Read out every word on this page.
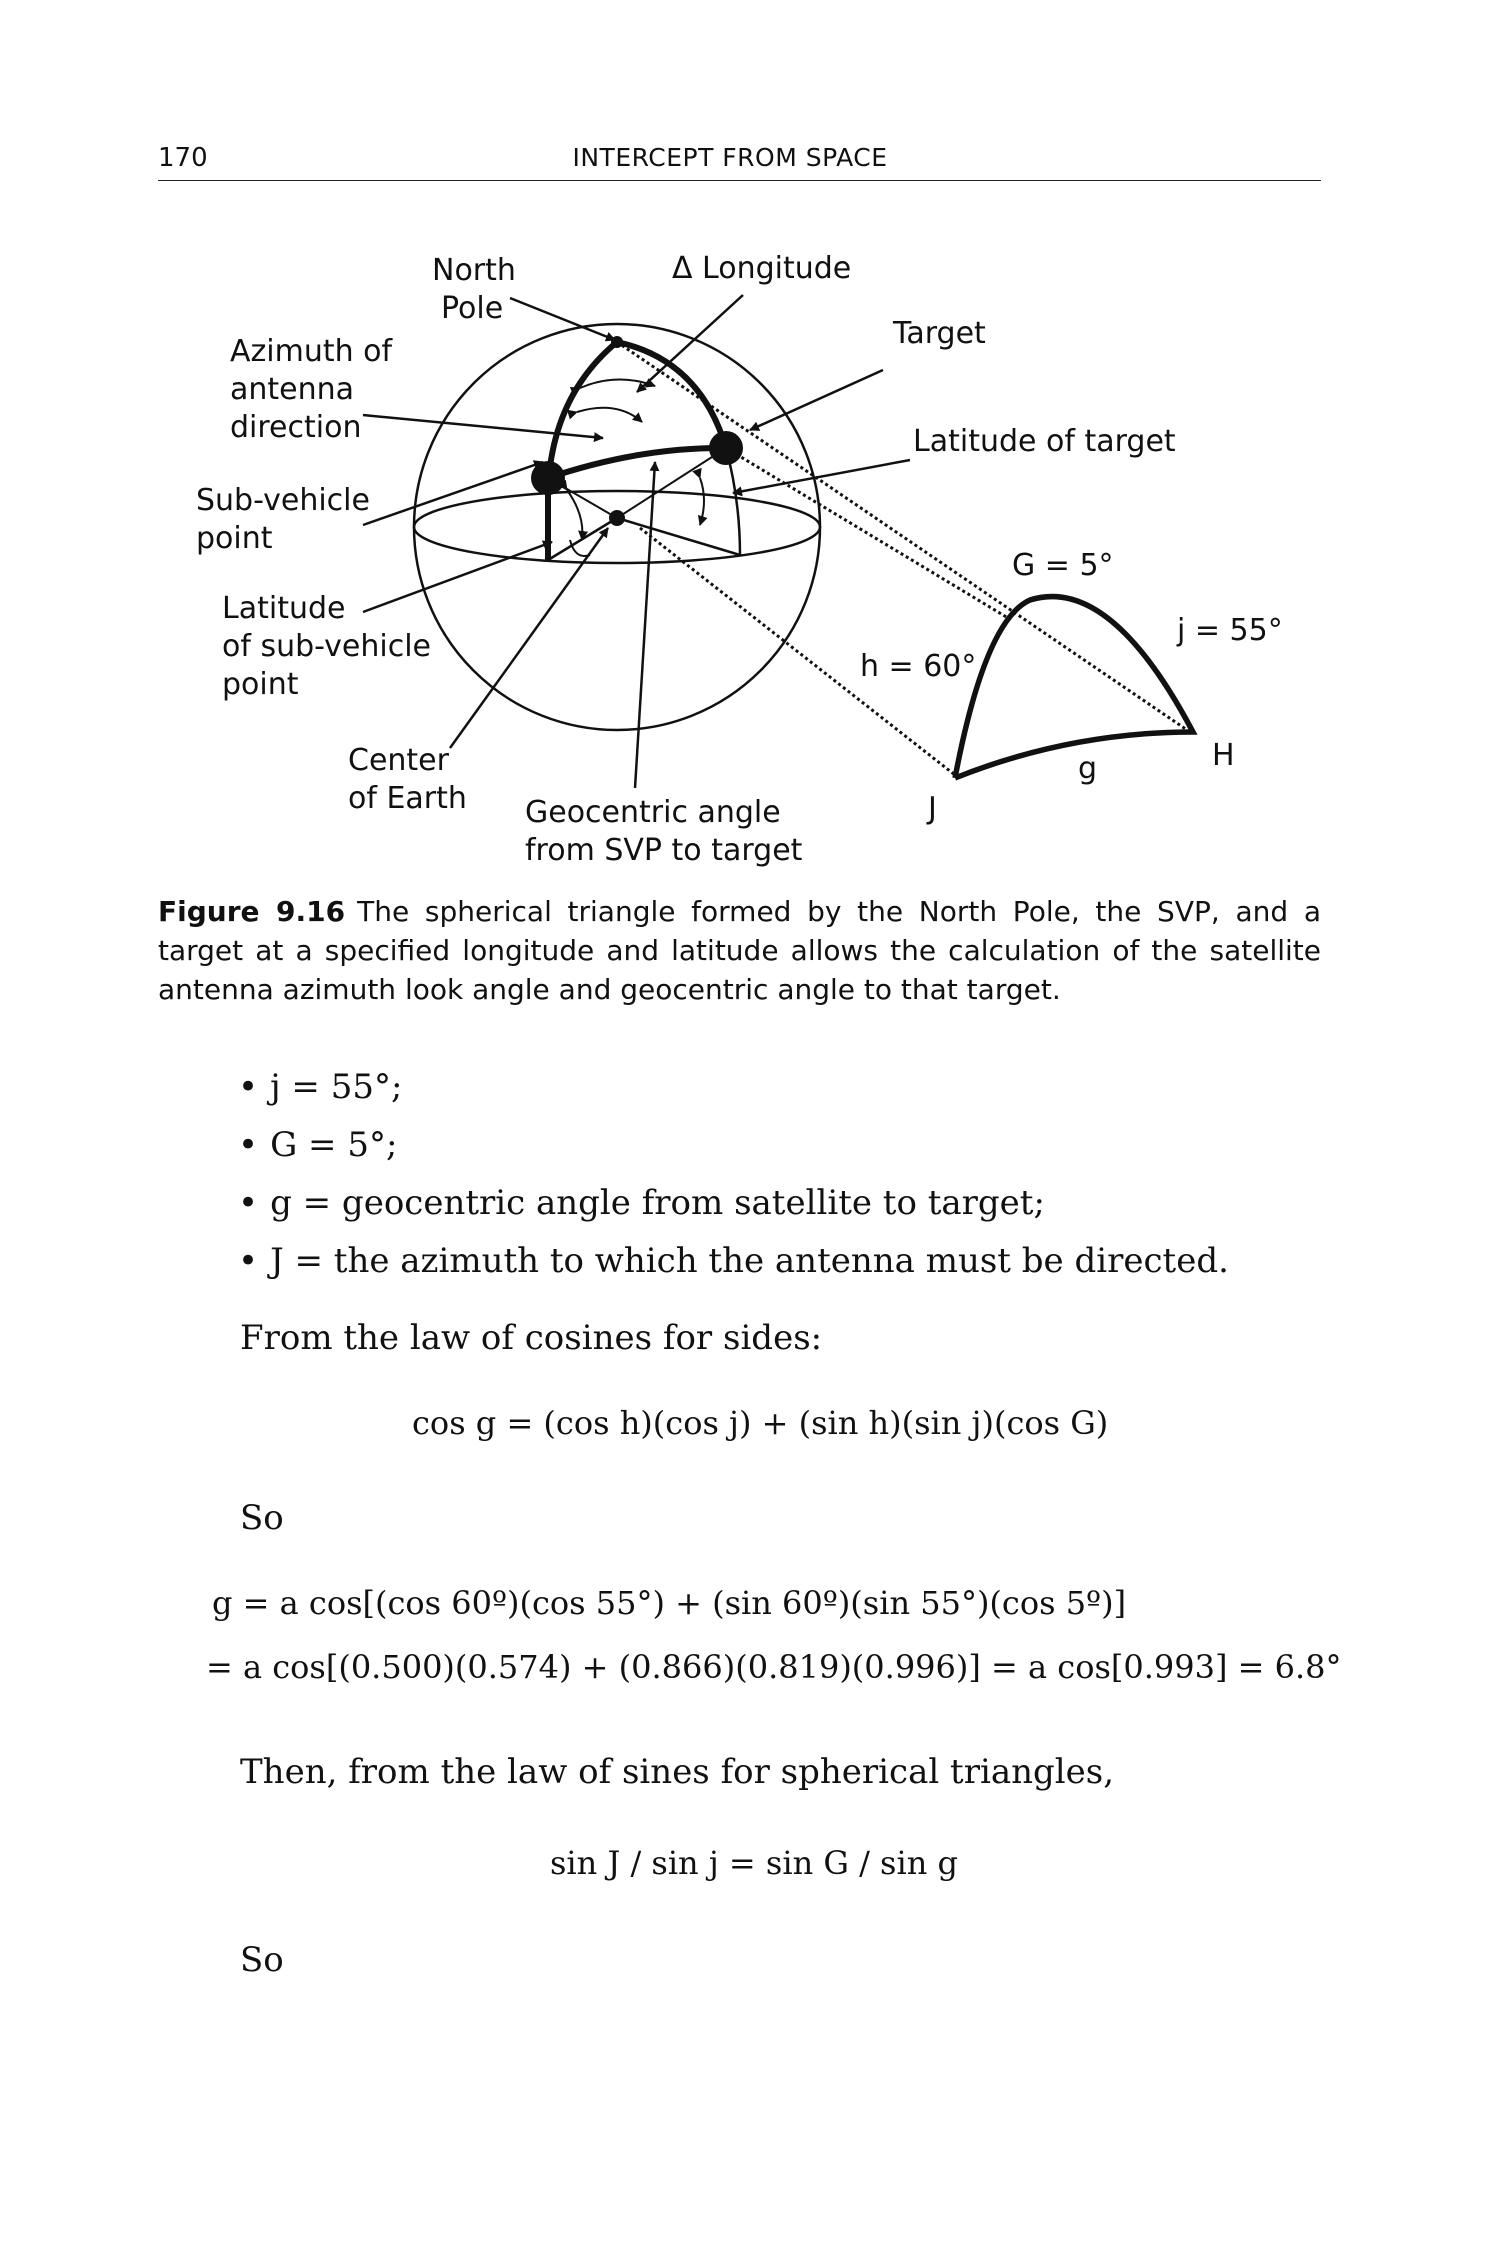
170	INTERCEPT FROM SPACE
North
Pole
Δ Longitude
Azimuth of
antenna
direction
Target
Latitude of target
Sub-vehicle
point
Latitude
of sub-vehicle
point
Center
of Earth Geocentric angle
from SVP to target
G = 5°
j = 55°
h = 60°
g	H
J
Figure 9.16 The spherical triangle formed by the North Pole, the SVP, and a target at a specified longitude and latitude allows the calculation of the satellite antenna azimuth look angle and geocentric angle to that target.
• j = 55°;
• G = 5°;
• g = geocentric angle from satellite to target;
• J = the azimuth to which the antenna must be directed.
From the law of cosines for sides:
cos g = (cos h)(cos j) + (sin h)(sin j)(cos G)
So
g = a cos[(cos 60º)(cos 55°) + (sin 60º)(sin 55°)(cos 5º)]
= a cos[(0.500)(0.574) + (0.866)(0.819)(0.996)] = a cos[0.993] = 6.8°
Then, from the law of sines for spherical triangles,
sin J / sin j = sin G / sin g
So
